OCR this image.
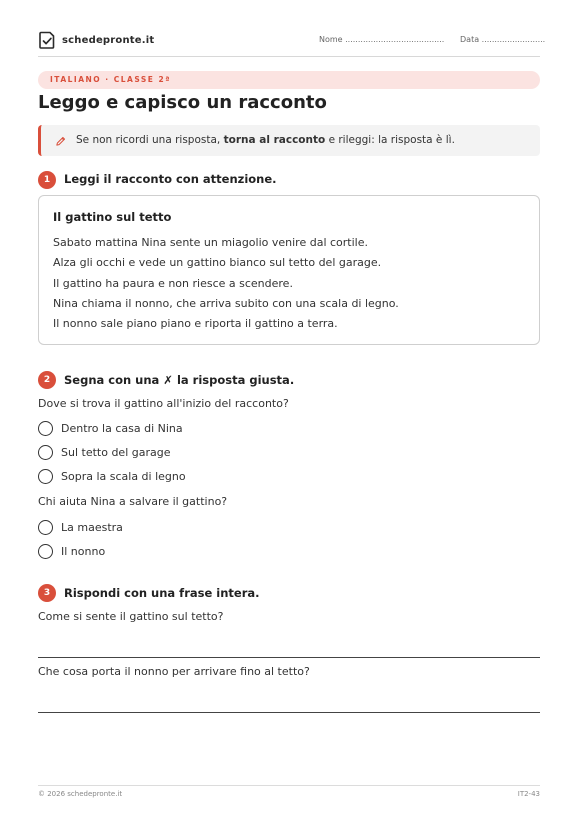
schedepronte.it	Nome ....................................... Data .........................
ITALIANO · CLASSE 2ª
Leggo e capisco un racconto
Se non ricordi una risposta, torna al racconto e rileggi: la risposta è lì.
1	Leggi il racconto con attenzione.
Il gattino sul tetto
Sabato mattina Nina sente un miagolio venire dal cortile.
Alza gli occhi e vede un gattino bianco sul tetto del garage.
Il gattino ha paura e non riesce a scendere.
Nina chiama il nonno, che arriva subito con una scala di legno.
Il nonno sale piano piano e riporta il gattino a terra.
2	Segna con una ✗ la risposta giusta.
Dove si trova il gattino all'inizio del racconto?
Dentro la casa di Nina
Sul tetto del garage
Sopra la scala di legno
Chi aiuta Nina a salvare il gattino?
La maestra
Il nonno
3	Rispondi con una frase intera.
Come si sente il gattino sul tetto?
Che cosa porta il nonno per arrivare fino al tetto?
© 2026 schedepronte.it	IT2-43
